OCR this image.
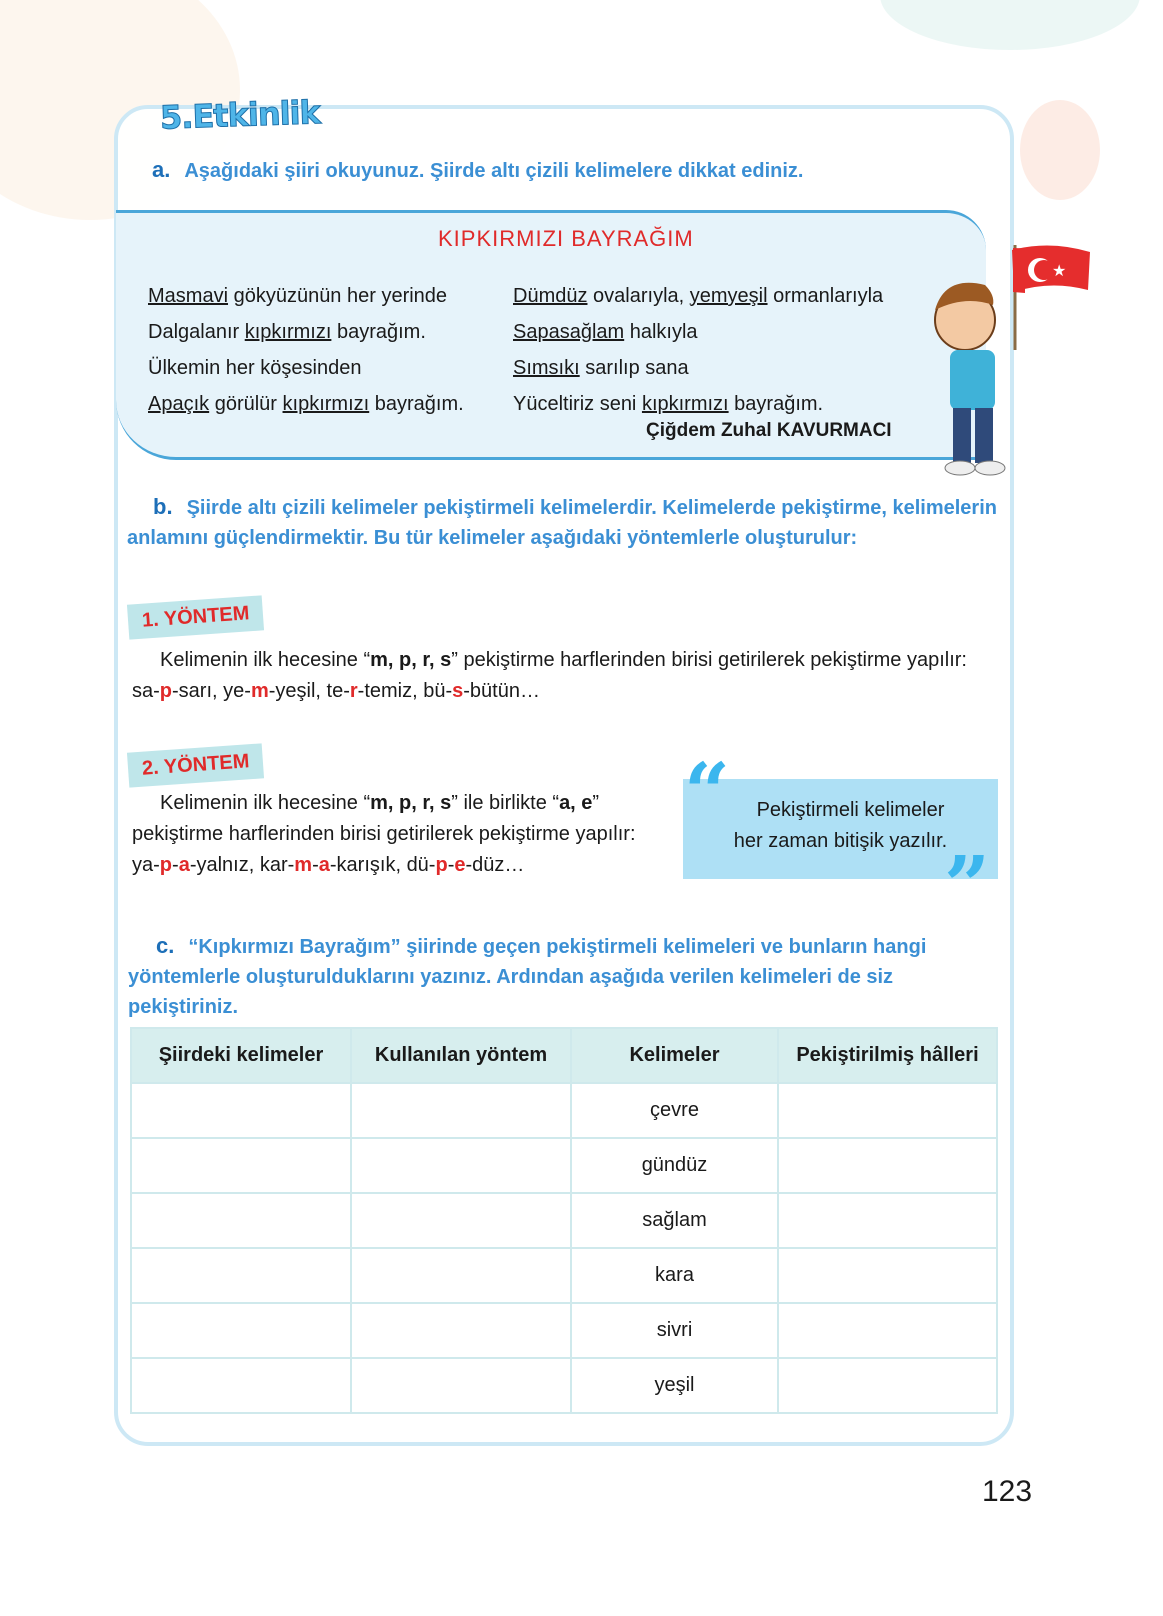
5.Etkinlik
a. Aşağıdaki şiiri okuyunuz. Şiirde altı çizili kelimelere dikkat ediniz.
KIPKIRMIZI BAYRAĞIM
Masmavi gökyüzünün her yerinde
Dalgalanır kıpkırmızı bayrağım.
Ülkemin her köşesinden
Apaçık görülür kıpkırmızı bayrağım.
Dümdüz ovalarıyla, yemyeşil ormanlarıyla
Sapasağlam halkıyla
Sımsıkı sarılıp sana
Yüceltiriz seni kıpkırmızı bayrağım.
Çiğdem Zuhal KAVURMACI
★
b. Şiirde altı çizili kelimeler pekiştirmeli kelimelerdir. Kelimelerde pekiştirme, kelimelerin anlamını güçlendirmektir. Bu tür kelimeler aşağıdaki yöntemlerle oluşturulur:
1. YÖNTEM
Kelimenin ilk hecesine “m, p, r, s” pekiştirme harflerinden birisi getirilerek pekiştirme yapılır: sa-p-sarı, ye-m-yeşil, te-r-temiz, bü-s-bütün…
2. YÖNTEM
Kelimenin ilk hecesine “m, p, r, s” ile birlikte “a, e” pekiştirme harflerinden birisi getirilerek pekiştirme yapılır: ya-p-a-yalnız, kar-m-a-karışık, dü-p-e-düz…
Pekiştirmeli kelimeler
her zaman bitişik yazılır.
“
”
c. “Kıpkırmızı Bayrağım” şiirinde geçen pekiştirmeli kelimeleri ve bunların hangi yöntemlerle oluşturulduklarını yazınız. Ardından aşağıda verilen kelimeleri de siz pekiştiriniz.
Şiirdeki kelimeler	Kullanılan yöntem	Kelimeler	Pekiştirilmiş hâlleri
		çevre	
		gündüz	
		sağlam	
		kara	
		sivri	
		yeşil	
123
